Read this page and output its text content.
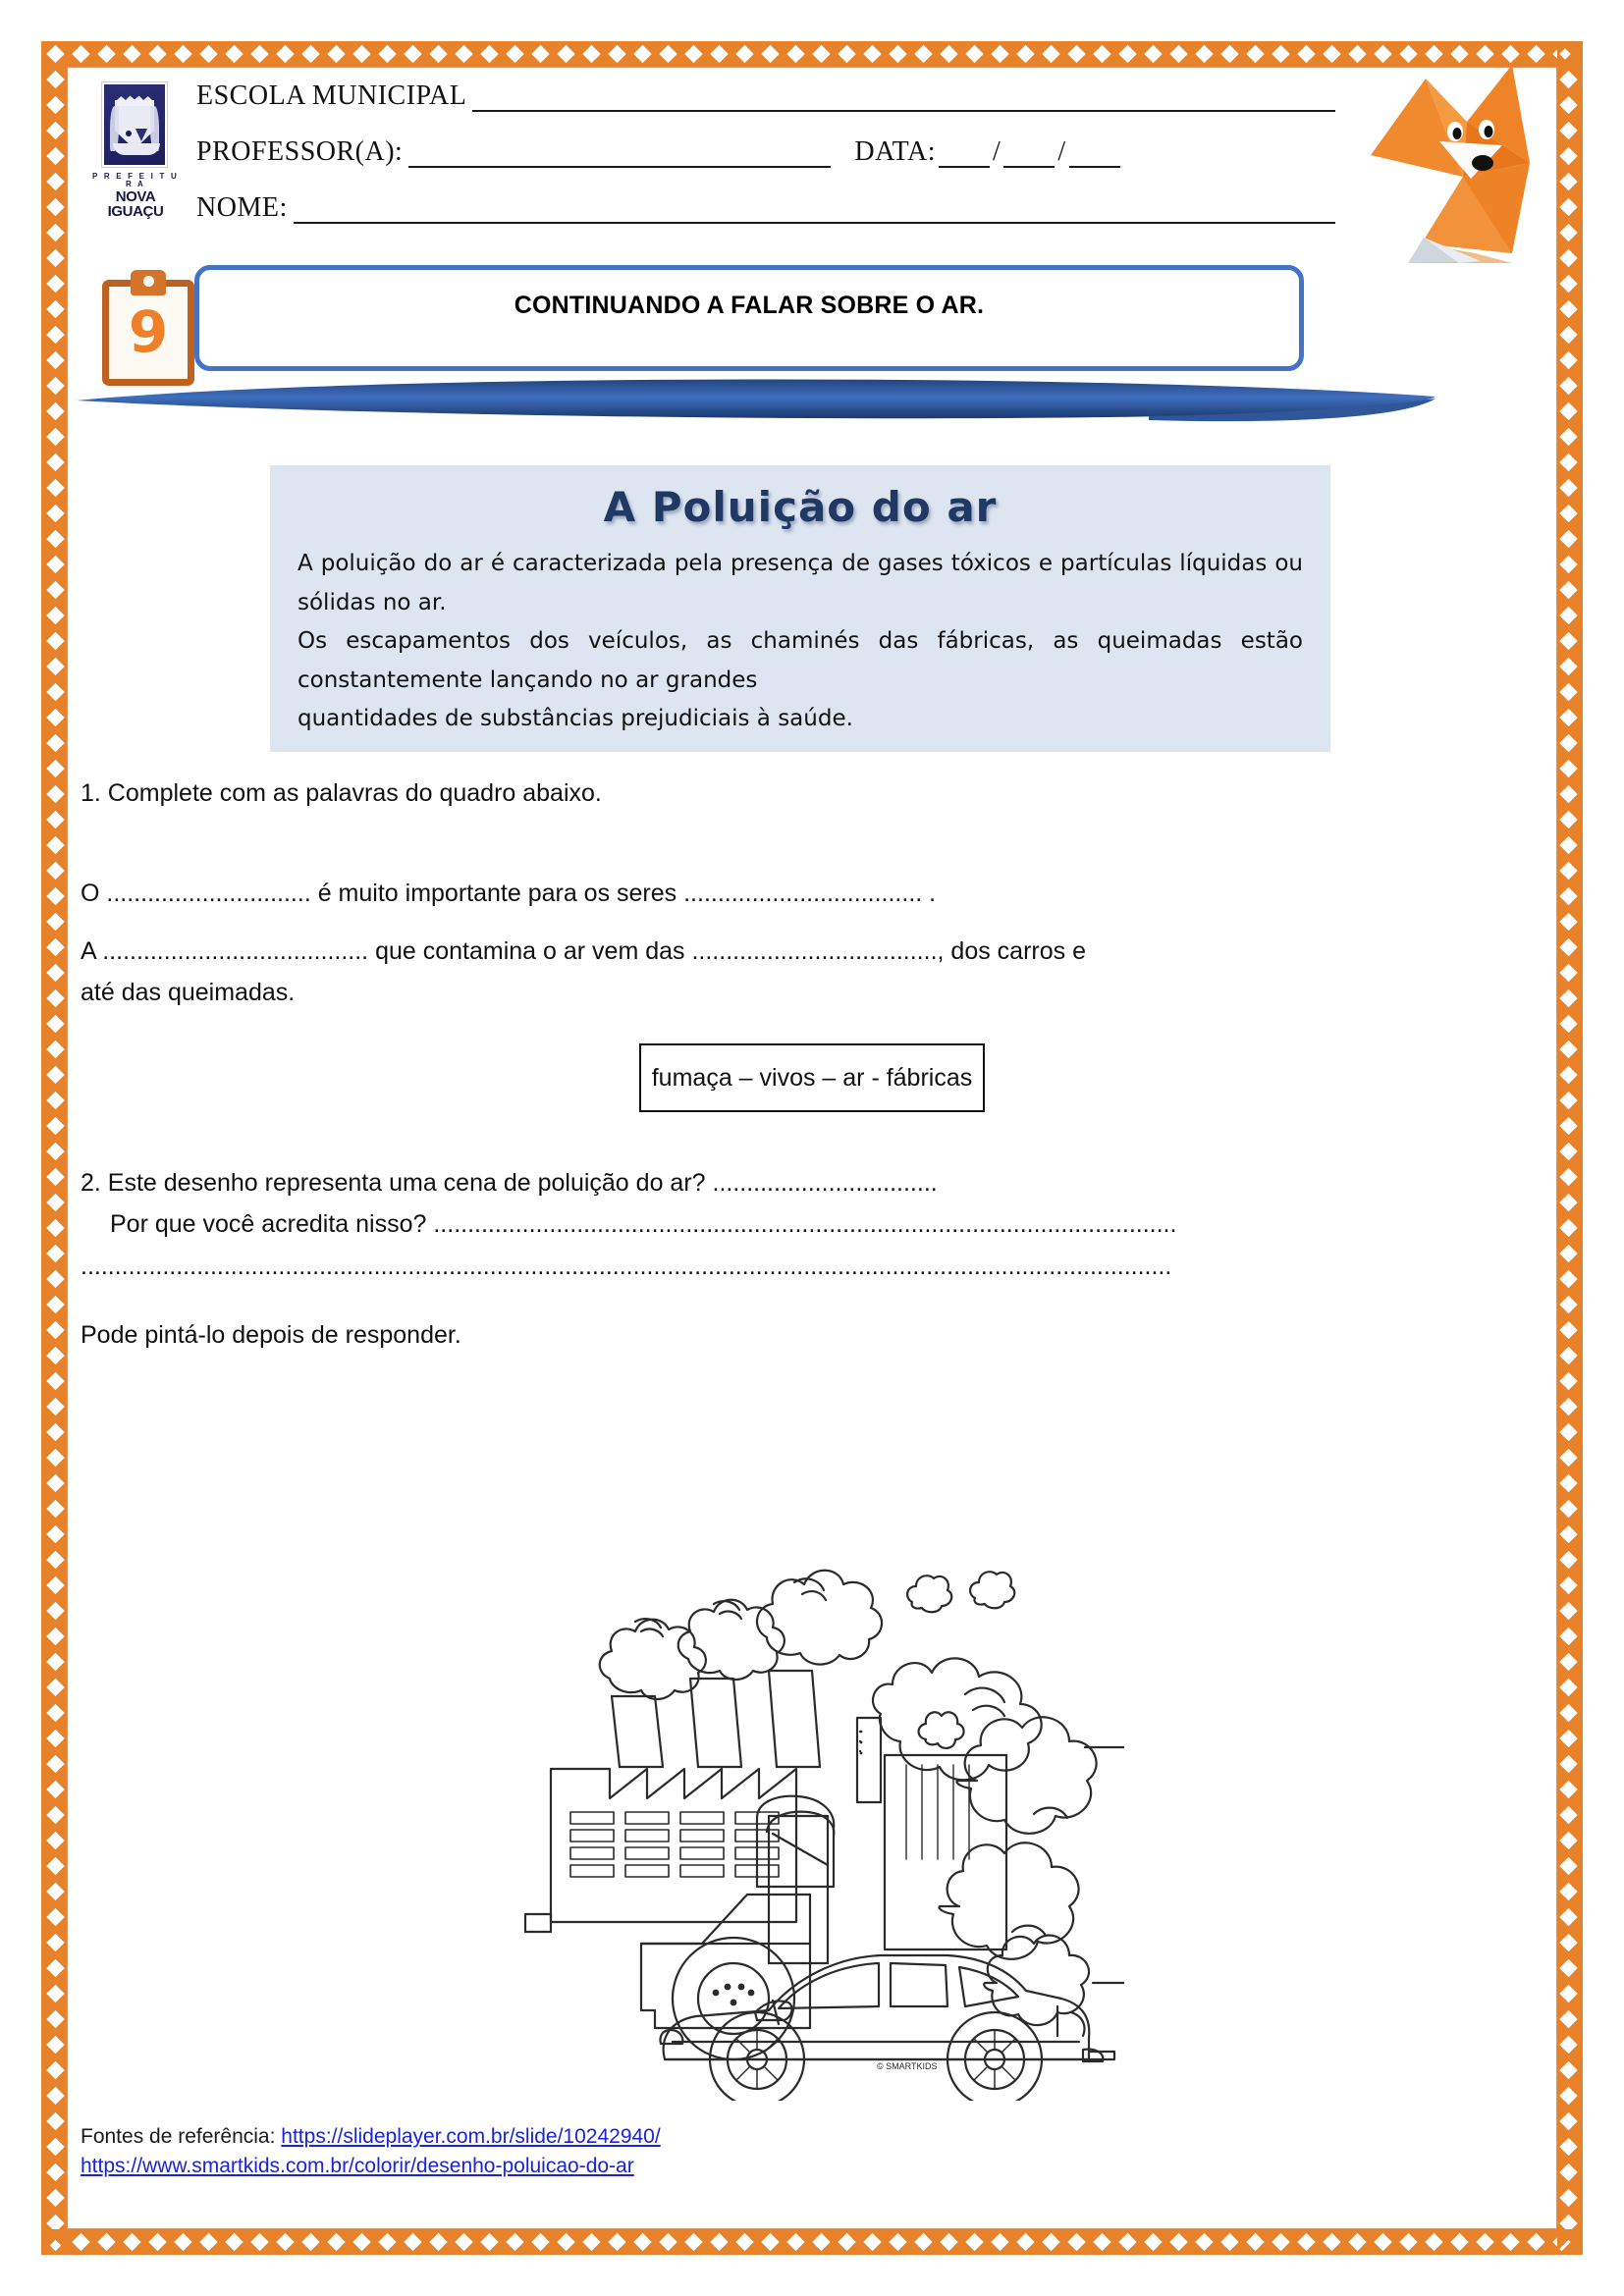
P R E F E I T U R A
NOVA IGUAÇU
ESCOLA MUNICIPAL
PROFESSOR(A):	DATA: / /
NOME:
9	CONTINUANDO A FALAR SOBRE O AR.
A Poluição do ar
A poluição do ar é caracterizada pela presença de gases tóxicos e partículas líquidas ou sólidas no ar.
Os escapamentos dos veículos, as chaminés das fábricas, as queimadas estão constantemente lançando no ar grandes
quantidades de substâncias prejudiciais à saúde.
1. Complete com as palavras do quadro abaixo.
O .............................. é muito importante para os seres ................................... .
A ....................................... que contamina o ar vem das ...................................., dos carros e
até das queimadas.
fumaça – vivos – ar - fábricas
2. Este desenho representa uma cena de poluição do ar? .................................
Por que você acredita nisso? .............................................................................................................
................................................................................................................................................................
Pode pintá-lo depois de responder.
© SMARTKIDS
Fontes de referência: https://slideplayer.com.br/slide/10242940/
https://www.smartkids.com.br/colorir/desenho-poluicao-do-ar
